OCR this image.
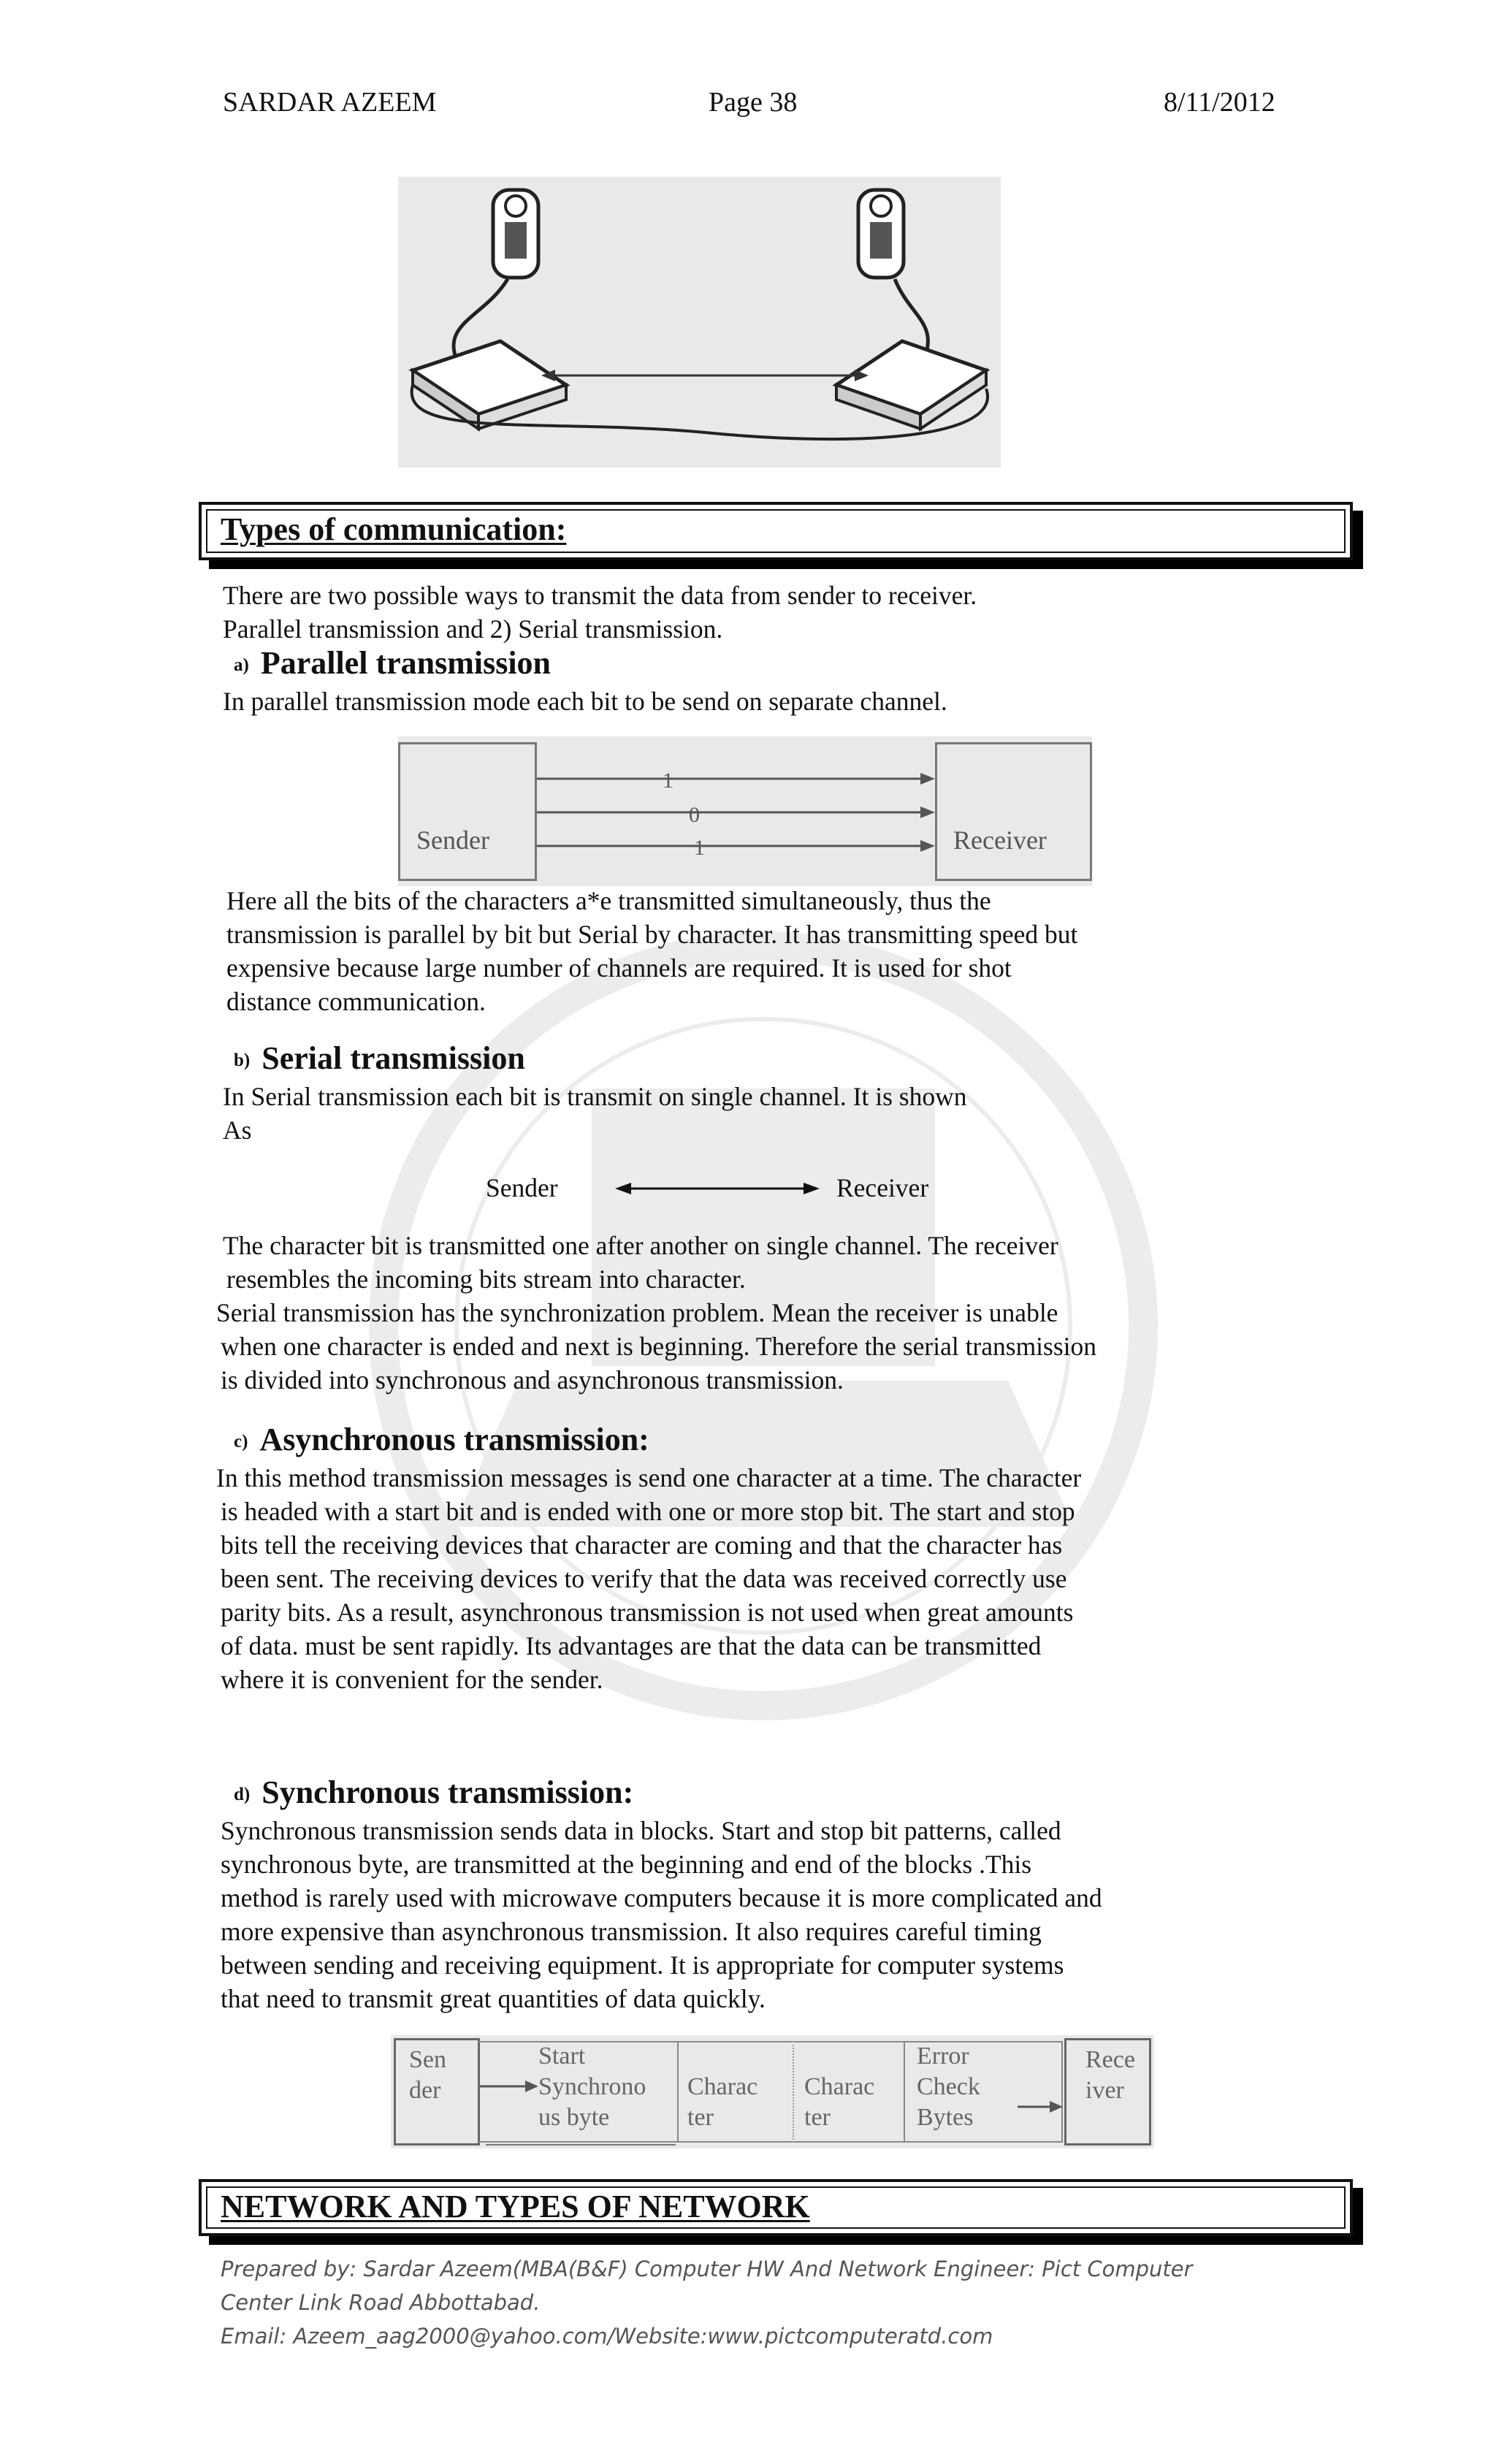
SARDAR AZEEM	Page 38	8/11/2012
Types of communication:
There are two possible ways to transmit the data from sender to receiver.
Parallel transmission and 2) Serial transmission.
a) Parallel transmission
In parallel transmission mode each bit to be send on separate channel.
Sender	Receiver
1
0
1
Here all the bits of the characters a*e transmitted simultaneously, thus the
transmission is parallel by bit but Serial by character. It has transmitting speed but
expensive because large number of channels are required. It is used for shot
distance communication.
b) Serial transmission
In Serial transmission each bit is transmit on single channel. It is shown
As
Sender	Receiver
The character bit is transmitted one after another on single channel. The receiver
resembles the incoming bits stream into character.
Serial transmission has the synchronization problem. Mean the receiver is unable
when one character is ended and next is beginning. Therefore the serial transmission
is divided into synchronous and asynchronous transmission.
c) Asynchronous transmission:
In this method transmission messages is send one character at a time. The character
is headed with a start bit and is ended with one or more stop bit. The start and stop
bits tell the receiving devices that character are coming and that the character has
been sent. The receiving devices to verify that the data was received correctly use
parity bits. As a result, asynchronous transmission is not used when great amounts
of data. must be sent rapidly. Its advantages are that the data can be transmitted
where it is convenient for the sender.
d) Synchronous transmission:
Synchronous transmission sends data in blocks. Start and stop bit patterns, called
synchronous byte, are transmitted at the beginning and end of the blocks .This
method is rarely used with microwave computers because it is more complicated and
more expensive than asynchronous transmission. It also requires careful timing
between sending and receiving equipment. It is appropriate for computer systems
that need to transmit great quantities of data quickly.
Sen
der
Start
Synchrono
us byte
Charac
ter
Charac
ter
Error
Check
Bytes
Rece
iver
NETWORK AND TYPES OF NETWORK
Prepared by: Sardar Azeem(MBA(B&F) Computer HW And Network Engineer: Pict Computer
Center Link Road Abbottabad.
Email: Azeem_aag2000@yahoo.com/Website:www.pictcomputeratd.com
